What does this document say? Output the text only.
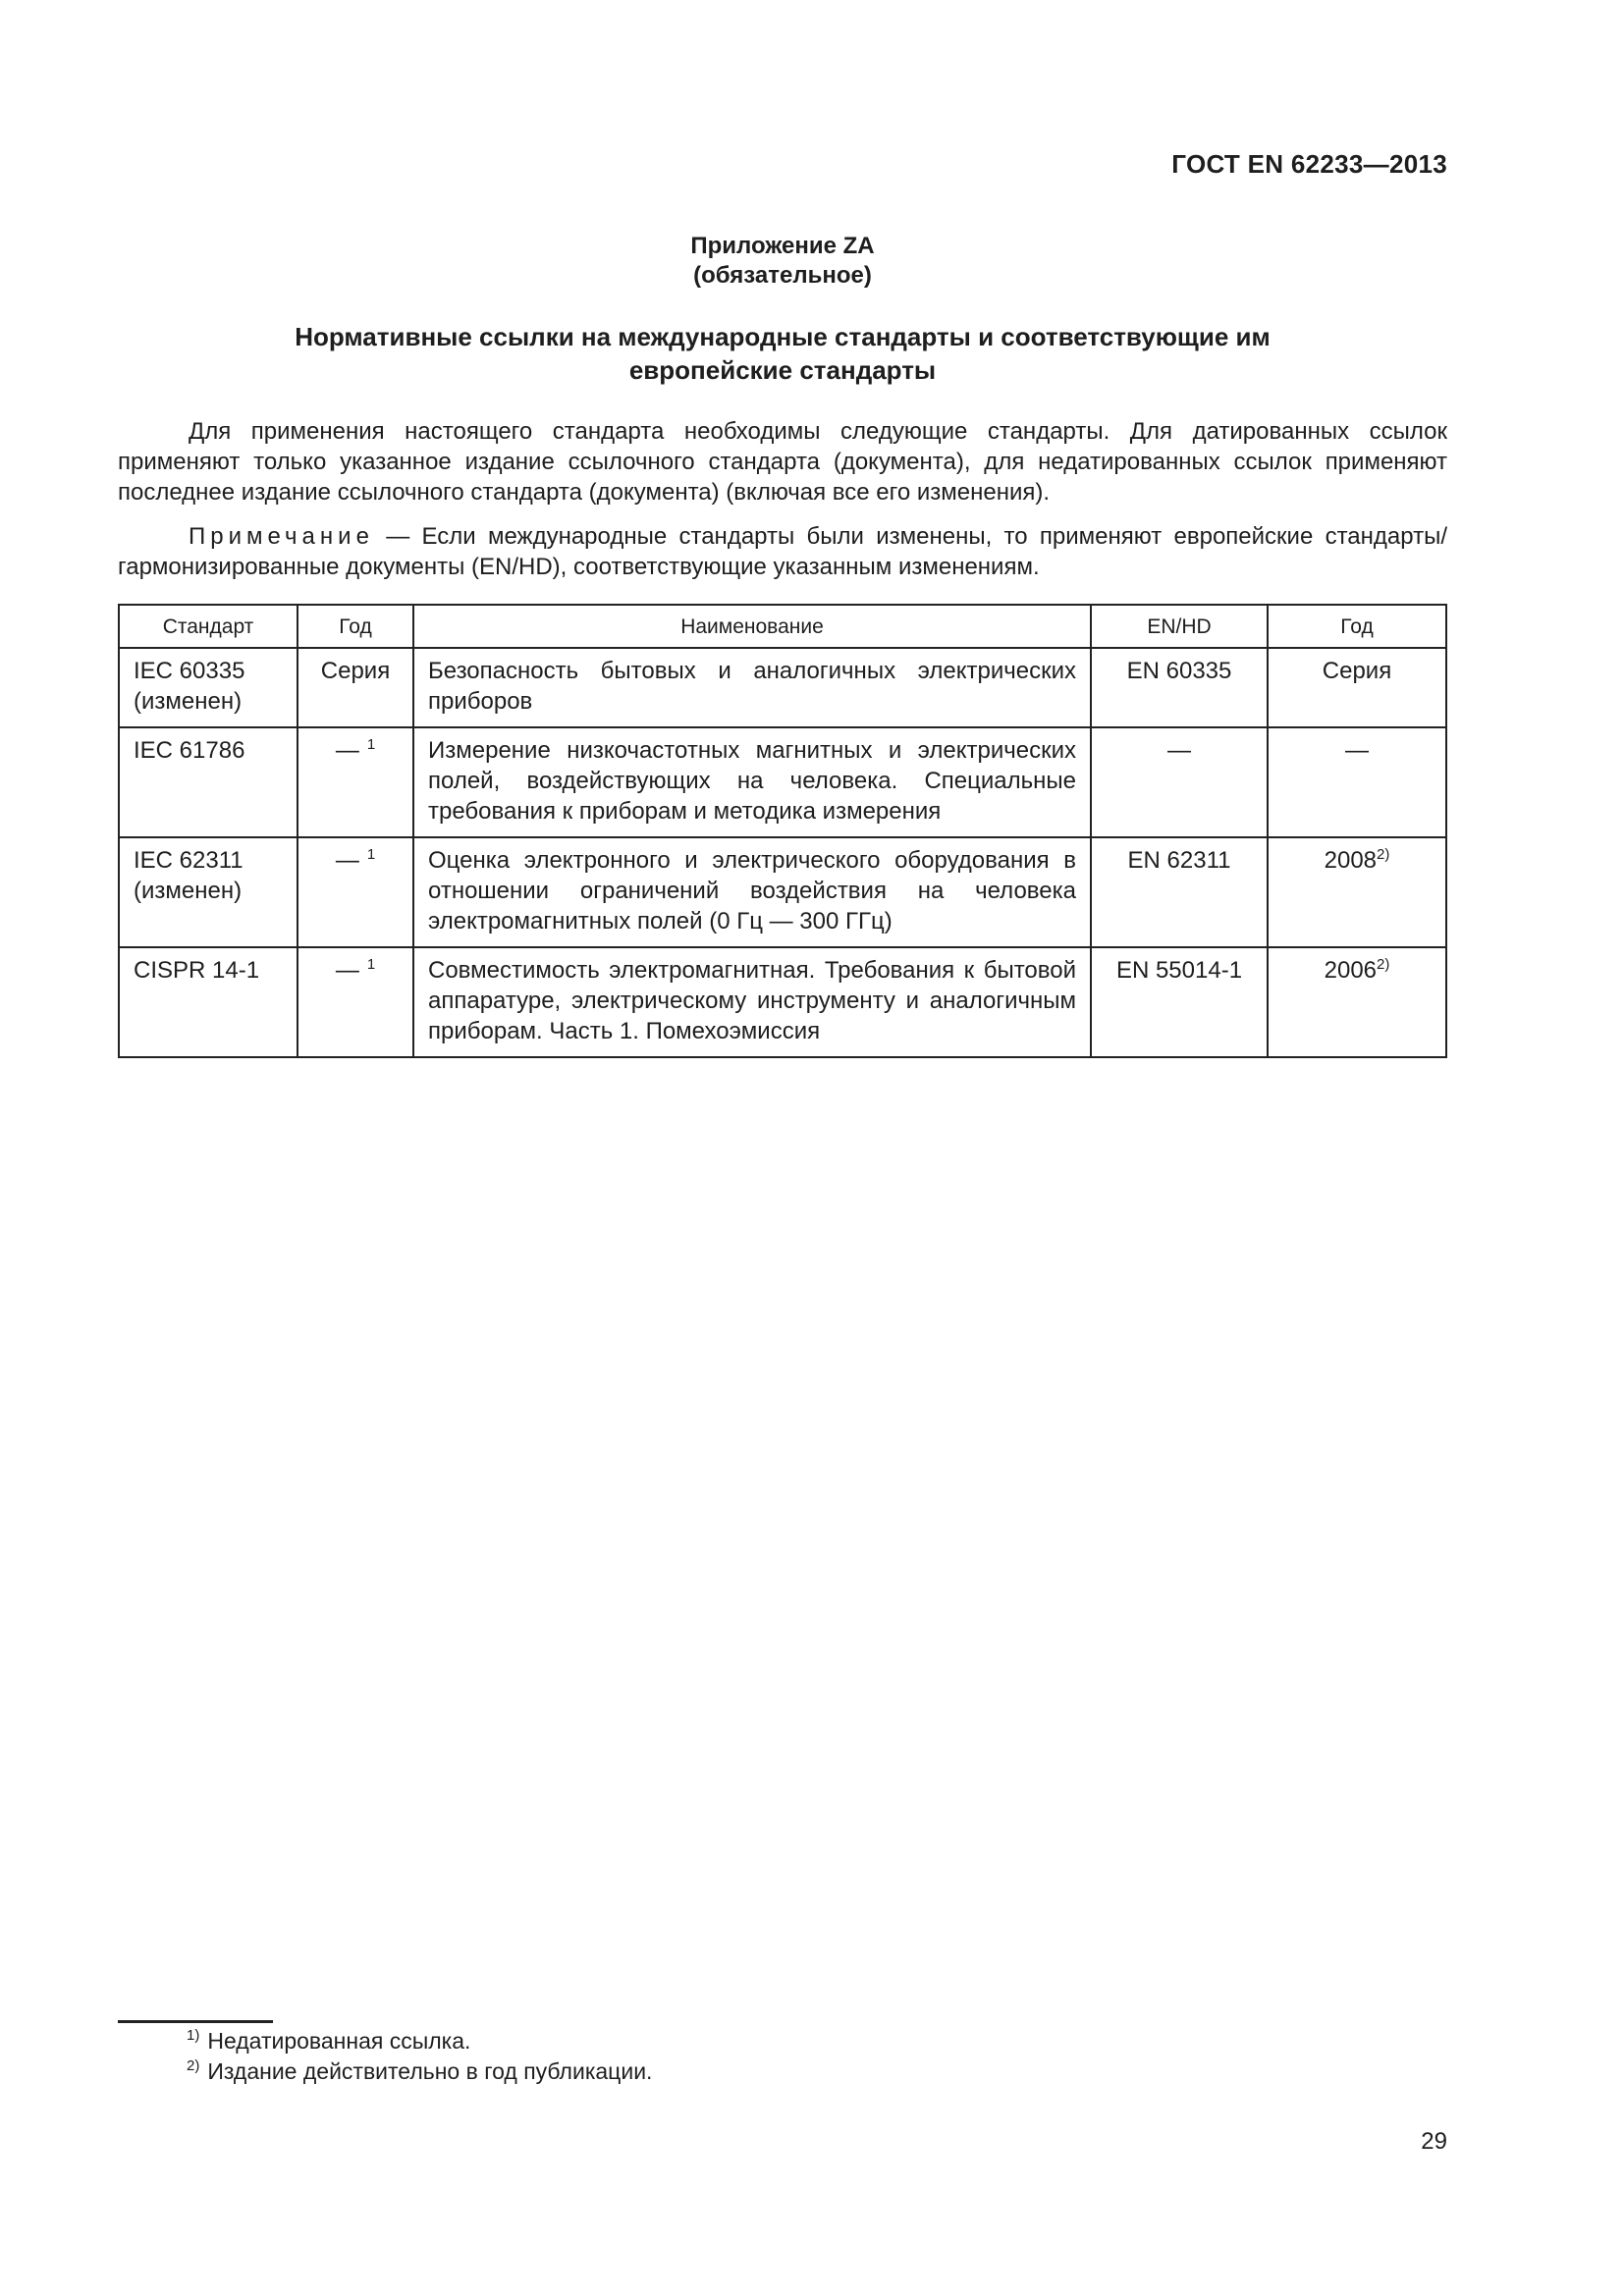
ГОСТ EN 62233—2013
Приложение ZA
(обязательное)
Нормативные ссылки на международные стандарты и соответствующие им
европейские стандарты
Для применения настоящего стандарта необходимы следующие стандарты. Для датированных ссылок применяют только указанное издание ссылочного стандарта (документа), для недатированных ссылок применяют последнее издание ссылочного стандарта (документа) (включая все его изменения).
Примечание — Если международные стандарты были изменены, то применяют европейские стандарты/гармонизированные документы (EN/HD), соответствующие указанным изменениям.
Стандарт	Год	Наименование	EN/HD	Год

IEC 60335
(изменен)	Серия	Безопасность бытовых и аналогичных электрических приборов	EN 60335	Серия

IEC 61786	— $^1$	Измерение низкочастотных магнитных и электрических полей, воздействующих на человека. Специальные требования к приборам и методика измерения	—	—

IEC 62311
(изменен)	— $^1$	Оценка электронного и электрического оборудования в отношении ограничений воздействия на человека электромагнитных полей (0 Гц — 300 ГГц)	EN 62311	2008$^{2)}$

CISPR 14-1	— $^1$	Совместимость электромагнитная. Требования к бытовой аппаратуре, электрическому инструменту и аналогичным приборам. Часть 1. Помехоэмиссия	EN 55014-1	2006$^{2)}$
$^{1)}$ Недатированная ссылка.
$^{2)}$ Издание действительно в год публикации.
29
